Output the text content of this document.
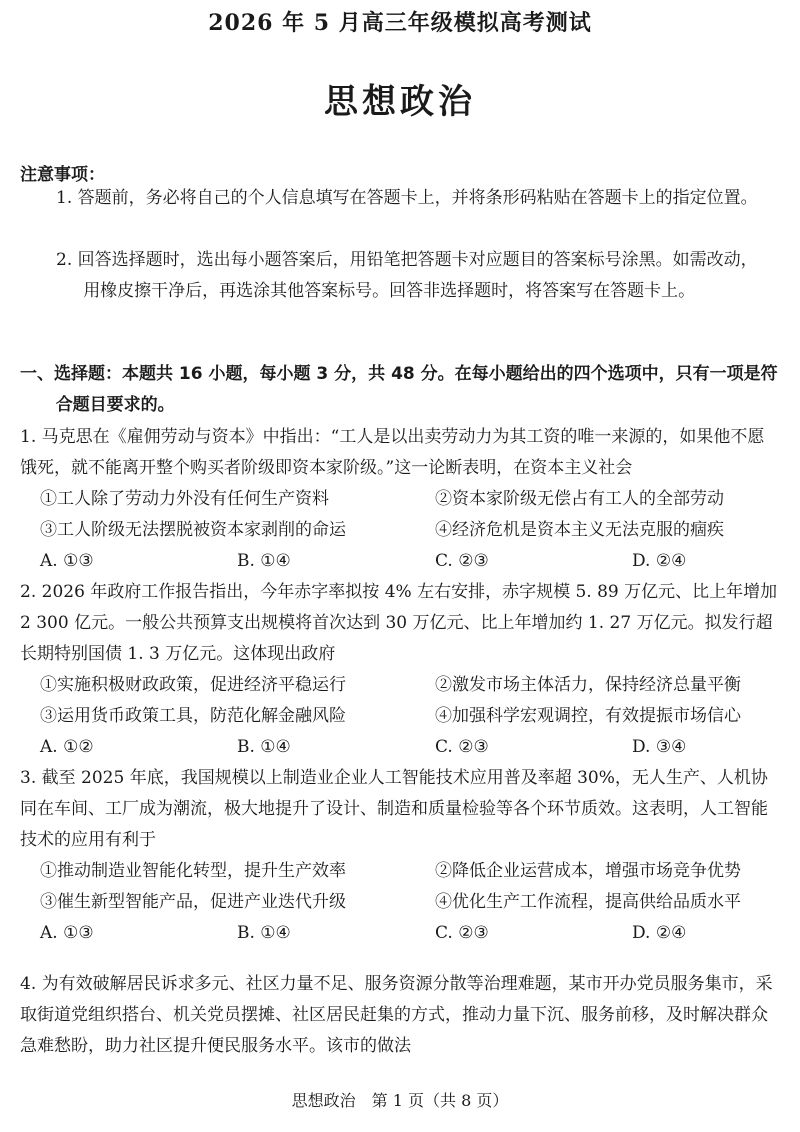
2026 年 5 月高三年级模拟高考测试
思想政治
注意事项：
1. 答题前，务必将自己的个人信息填写在答题卡上，并将条形码粘贴在答题卡上的指定位置。
2. 回答选择题时，选出每小题答案后，用铅笔把答题卡对应题目的答案标号涂黑。如需改动，用橡皮擦干净后，再选涂其他答案标号。回答非选择题时，将答案写在答题卡上。
一、选择题：本题共 16 小题，每小题 3 分，共 48 分。在每小题给出的四个选项中，只有一项是符合题目要求的。
1. 马克思在《雇佣劳动与资本》中指出：“工人是以出卖劳动力为其工资的唯一来源的，如果他不愿饿死，就不能离开整个购买者阶级即资本家阶级。”这一论断表明，在资本主义社会
①工人除了劳动力外没有任何生产资料	②资本家阶级无偿占有工人的全部劳动
③工人阶级无法摆脱被资本家剥削的命运	④经济危机是资本主义无法克服的痼疾
A. ①③	B. ①④	C. ②③	D. ②④
2. 2026 年政府工作报告指出，今年赤字率拟按 4% 左右安排，赤字规模 5. 89 万亿元、比上年增加 2 300 亿元。一般公共预算支出规模将首次达到 30 万亿元、比上年增加约 1. 27 万亿元。拟发行超长期特别国债 1. 3 万亿元。这体现出政府
①实施积极财政政策，促进经济平稳运行	②激发市场主体活力，保持经济总量平衡
③运用货币政策工具，防范化解金融风险	④加强科学宏观调控，有效提振市场信心
A. ①②	B. ①④	C. ②③	D. ③④
3. 截至 2025 年底，我国规模以上制造业企业人工智能技术应用普及率超 30%，无人生产、人机协同在车间、工厂成为潮流，极大地提升了设计、制造和质量检验等各个环节质效。这表明，人工智能技术的应用有利于
①推动制造业智能化转型，提升生产效率	②降低企业运营成本，增强市场竞争优势
③催生新型智能产品，促进产业迭代升级	④优化生产工作流程，提高供给品质水平
A. ①③	B. ①④	C. ②③	D. ②④
4. 为有效破解居民诉求多元、社区力量不足、服务资源分散等治理难题，某市开办党员服务集市，采取街道党组织搭台、机关党员摆摊、社区居民赶集的方式，推动力量下沉、服务前移，及时解决群众急难愁盼，助力社区提升便民服务水平。该市的做法
思想政治　第 1 页（共 8 页）
